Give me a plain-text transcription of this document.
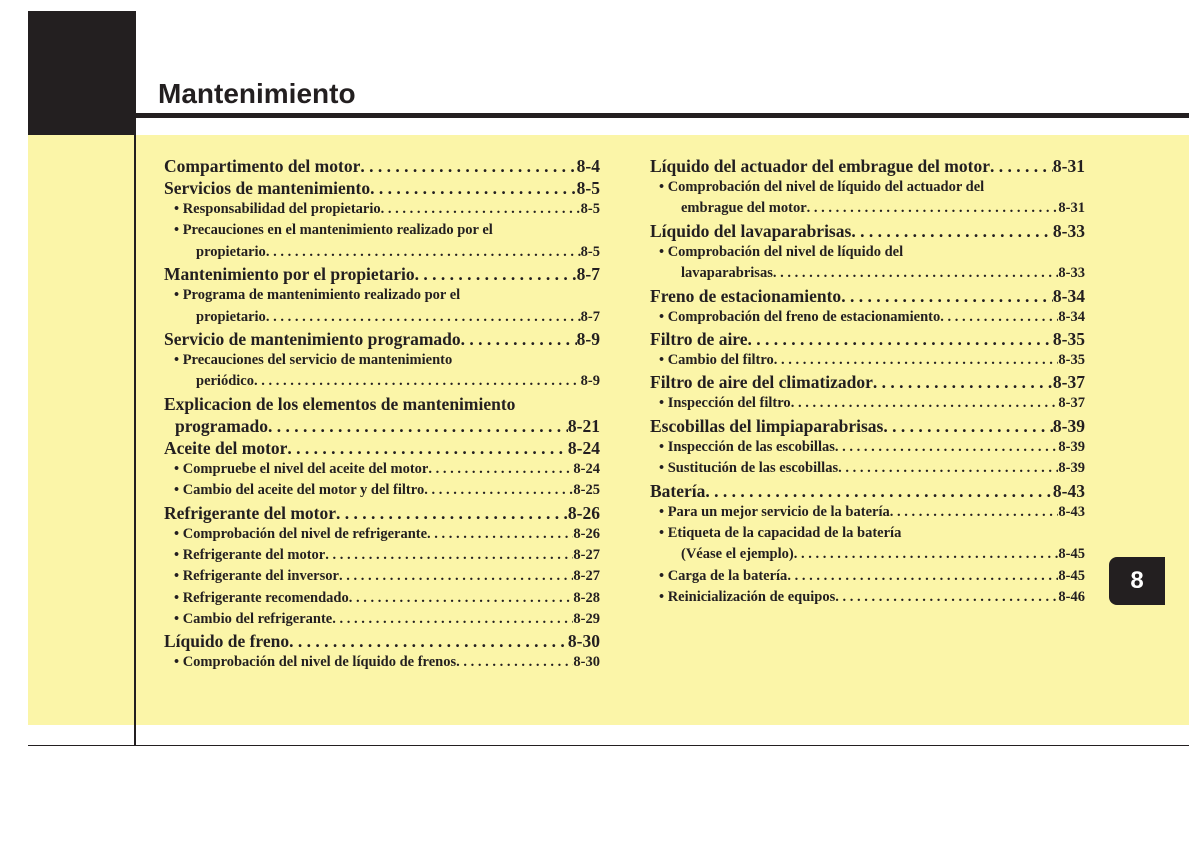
Mantenimiento
Compartimento del motor . . .	8-4
Servicios de mantenimiento . . .	8-5
• Responsabilidad del propietario . . .	8-5
• Precauciones en el mantenimiento realizado por el
propietario . . .	8-5
Mantenimiento por el propietario . . .	8-7
• Programa de mantenimiento realizado por el
propietario . . .	8-7
Servicio de mantenimiento programado . . .	8-9
• Precauciones del servicio de mantenimiento
periódico . . .	8-9
Explicacion de los elementos de mantenimiento
programado . . .	8-21
Aceite del motor . . .	8-24
• Compruebe el nivel del aceite del motor . . .	8-24
• Cambio del aceite del motor y del filtro . . .	8-25
Refrigerante del motor . . .	8-26
• Comprobación del nivel de refrigerante . . .	8-26
• Refrigerante del motor . . .	8-27
• Refrigerante del inversor . . .	8-27
• Refrigerante recomendado . . .	8-28
• Cambio del refrigerante . . .	8-29
Líquido de freno . . .	8-30
• Comprobación del nivel de líquido de frenos . . .	8-30
Líquido del actuador del embrague del motor . . .	8-31
• Comprobación del nivel de líquido del actuador del
embrague del motor . . .	8-31
Líquido del lavaparabrisas . . .	8-33
• Comprobación del nivel de líquido del
lavaparabrisas . . .	8-33
Freno de estacionamiento . . .	8-34
• Comprobación del freno de estacionamiento . . .	8-34
Filtro de aire . . .	8-35
• Cambio del filtro . . .	8-35
Filtro de aire del climatizador . . .	8-37
• Inspección del filtro . . .	8-37
Escobillas del limpiaparabrisas . . .	8-39
• Inspección de las escobillas . . .	8-39
• Sustitución de las escobillas . . .	8-39
Batería . . .	8-43
• Para un mejor servicio de la batería . . .	8-43
• Etiqueta de la capacidad de la batería
(Véase el ejemplo) . . .	8-45
• Carga de la batería . . .	8-45
• Reinicialización de equipos . . .	8-46
8
